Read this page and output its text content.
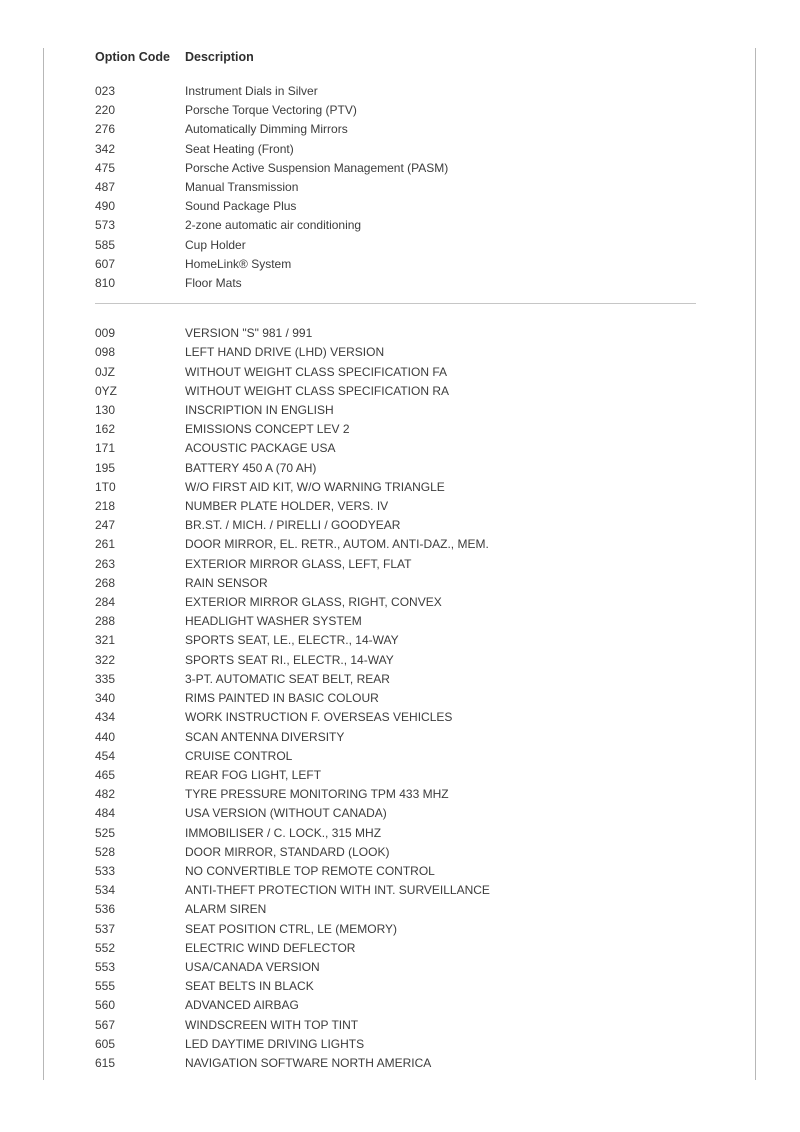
Option Code	Description
023	Instrument Dials in Silver
220	Porsche Torque Vectoring (PTV)
276	Automatically Dimming Mirrors
342	Seat Heating (Front)
475	Porsche Active Suspension Management (PASM)
487	Manual Transmission
490	Sound Package Plus
573	2-zone automatic air conditioning
585	Cup Holder
607	HomeLink® System
810	Floor Mats
009	VERSION "S" 981 / 991
098	LEFT HAND DRIVE (LHD) VERSION
0JZ	WITHOUT WEIGHT CLASS SPECIFICATION FA
0YZ	WITHOUT WEIGHT CLASS SPECIFICATION RA
130	INSCRIPTION IN ENGLISH
162	EMISSIONS CONCEPT LEV 2
171	ACOUSTIC PACKAGE USA
195	BATTERY 450 A (70 AH)
1T0	W/O FIRST AID KIT, W/O WARNING TRIANGLE
218	NUMBER PLATE HOLDER, VERS. IV
247	BR.ST. / MICH. / PIRELLI / GOODYEAR
261	DOOR MIRROR, EL. RETR., AUTOM. ANTI-DAZ., MEM.
263	EXTERIOR MIRROR GLASS, LEFT, FLAT
268	RAIN SENSOR
284	EXTERIOR MIRROR GLASS, RIGHT, CONVEX
288	HEADLIGHT WASHER SYSTEM
321	SPORTS SEAT, LE., ELECTR., 14-WAY
322	SPORTS SEAT RI., ELECTR., 14-WAY
335	3-PT. AUTOMATIC SEAT BELT, REAR
340	RIMS PAINTED IN BASIC COLOUR
434	WORK INSTRUCTION F. OVERSEAS VEHICLES
440	SCAN ANTENNA DIVERSITY
454	CRUISE CONTROL
465	REAR FOG LIGHT, LEFT
482	TYRE PRESSURE MONITORING TPM 433 MHZ
484	USA VERSION (WITHOUT CANADA)
525	IMMOBILISER / C. LOCK., 315 MHZ
528	DOOR MIRROR, STANDARD (LOOK)
533	NO CONVERTIBLE TOP REMOTE CONTROL
534	ANTI-THEFT PROTECTION WITH INT. SURVEILLANCE
536	ALARM SIREN
537	SEAT POSITION CTRL, LE (MEMORY)
552	ELECTRIC WIND DEFLECTOR
553	USA/CANADA VERSION
555	SEAT BELTS IN BLACK
560	ADVANCED AIRBAG
567	WINDSCREEN WITH TOP TINT
605	LED DAYTIME DRIVING LIGHTS
615	NAVIGATION SOFTWARE NORTH AMERICA
